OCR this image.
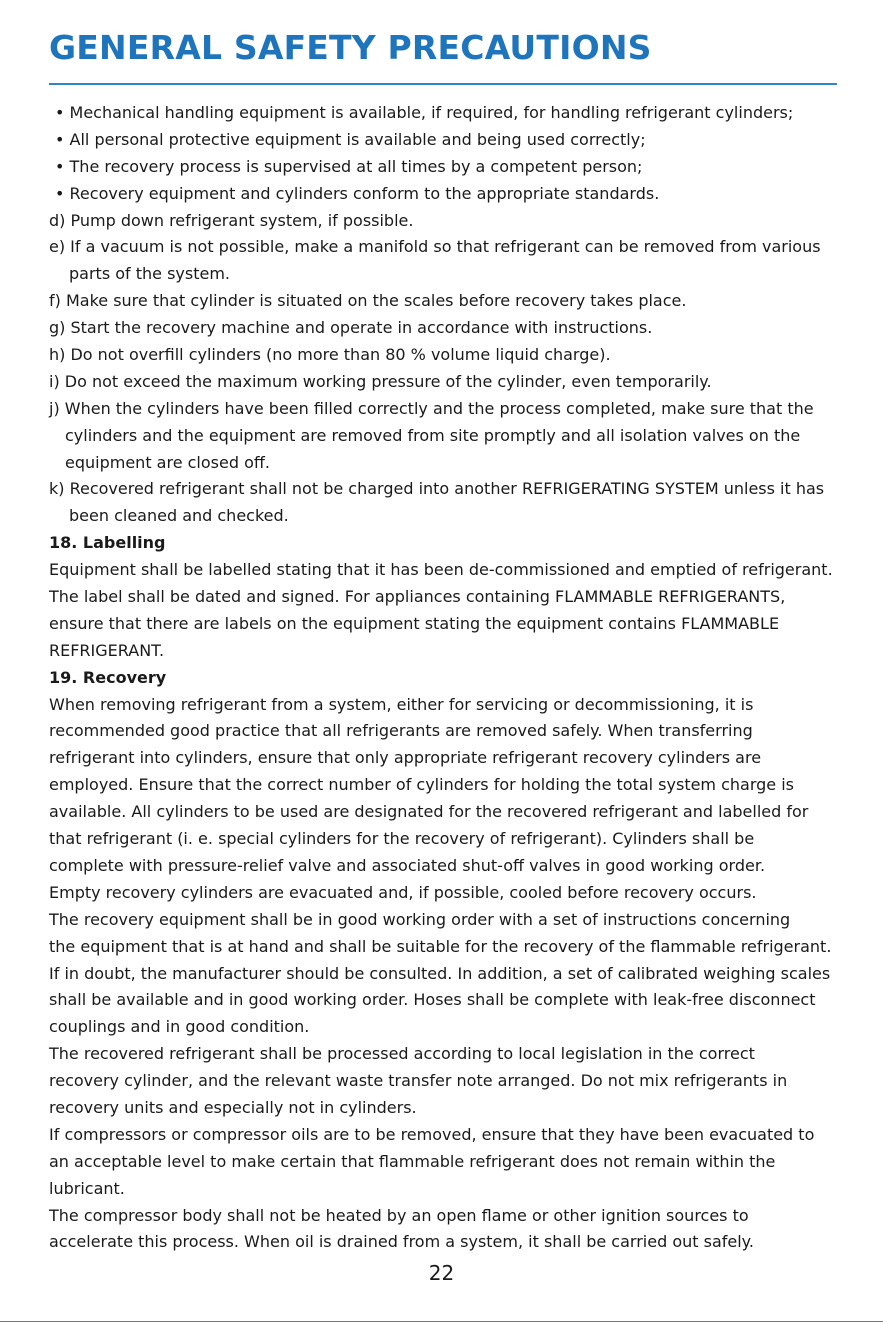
GENERAL SAFETY PRECAUTIONS
• Mechanical handling equipment is available, if required, for handling refrigerant cylinders;
• All personal protective equipment is available and being used correctly;
• The recovery process is supervised at all times by a competent person;
• Recovery equipment and cylinders conform to the appropriate standards.
d) Pump down refrigerant system, if possible.
e) If a vacuum is not possible, make a manifold so that refrigerant can be removed from various
parts of the system.
f) Make sure that cylinder is situated on the scales before recovery takes place.
g) Start the recovery machine and operate in accordance with instructions.
h) Do not overfill cylinders (no more than 80 % volume liquid charge).
i) Do not exceed the maximum working pressure of the cylinder, even temporarily.
j) When the cylinders have been filled correctly and the process completed, make sure that the
cylinders and the equipment are removed from site promptly and all isolation valves on the
equipment are closed off.
k) Recovered refrigerant shall not be charged into another REFRIGERATING SYSTEM unless it has
been cleaned and checked.
18. Labelling
Equipment shall be labelled stating that it has been de-commissioned and emptied of refrigerant.
The label shall be dated and signed. For appliances containing FLAMMABLE REFRIGERANTS,
ensure that there are labels on the equipment stating the equipment contains FLAMMABLE
REFRIGERANT.
19. Recovery
When removing refrigerant from a system, either for servicing or decommissioning, it is
recommended good practice that all refrigerants are removed safely. When transferring
refrigerant into cylinders, ensure that only appropriate refrigerant recovery cylinders are
employed. Ensure that the correct number of cylinders for holding the total system charge is
available. All cylinders to be used are designated for the recovered refrigerant and labelled for
that refrigerant (i. e. special cylinders for the recovery of refrigerant). Cylinders shall be
complete with pressure-relief valve and associated shut-off valves in good working order.
Empty recovery cylinders are evacuated and, if possible, cooled before recovery occurs.
The recovery equipment shall be in good working order with a set of instructions concerning
the equipment that is at hand and shall be suitable for the recovery of the flammable refrigerant.
If in doubt, the manufacturer should be consulted. In addition, a set of calibrated weighing scales
shall be available and in good working order. Hoses shall be complete with leak-free disconnect
couplings and in good condition.
The recovered refrigerant shall be processed according to local legislation in the correct
recovery cylinder, and the relevant waste transfer note arranged. Do not mix refrigerants in
recovery units and especially not in cylinders.
If compressors or compressor oils are to be removed, ensure that they have been evacuated to
an acceptable level to make certain that flammable refrigerant does not remain within the
lubricant.
The compressor body shall not be heated by an open flame or other ignition sources to
accelerate this process. When oil is drained from a system, it shall be carried out safely.
22
